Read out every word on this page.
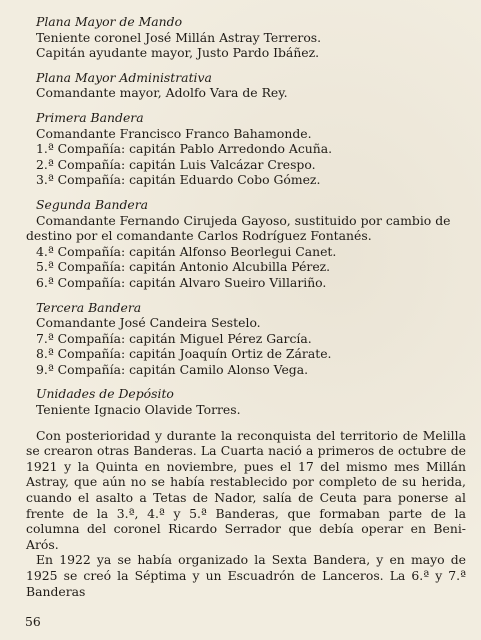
Plana Mayor de Mando
Teniente coronel José Millán Astray Terreros.
Capitán ayudante mayor, Justo Pardo Ibáñez.
Plana Mayor Administrativa
Comandante mayor, Adolfo Vara de Rey.
Primera Bandera
Comandante Francisco Franco Bahamonde.
1.ª Compañía: capitán Pablo Arredondo Acuña.
2.ª Compañía: capitán Luis Valcázar Crespo.
3.ª Compañía: capitán Eduardo Cobo Gómez.
Segunda Bandera
Comandante Fernando Cirujeda Gayoso, sustituido por cambio de
destino por el comandante Carlos Rodríguez Fontanés.
4.ª Compañía: capitán Alfonso Beorlegui Canet.
5.ª Compañía: capitán Antonio Alcubilla Pérez.
6.ª Compañía: capitán Alvaro Sueiro Villariño.
Tercera Bandera
Comandante José Candeira Sestelo.
7.ª Compañía: capitán Miguel Pérez García.
8.ª Compañía: capitán Joaquín Ortiz de Zárate.
9.ª Compañía: capitán Camilo Alonso Vega.
Unidades de Depósito
Teniente Ignacio Olavide Torres.

Con posterioridad y durante la reconquista del territorio de Melilla se crearon otras Banderas. La Cuarta nació a primeros de octubre de 1921 y la Quinta en noviembre, pues el 17 del mismo mes Millán Astray, que aún no se había restablecido por completo de su herida, cuando el asalto a Tetas de Nador, salía de Ceuta para ponerse al frente de la 3.ª, 4.ª y 5.ª Banderas, que formaban parte de la columna del coronel Ricardo Serrador que debía operar en Beni-Arós.

En 1922 ya se había organizado la Sexta Bandera, y en mayo de 1925 se creó la Séptima y un Escuadrón de Lanceros. La 6.ª y 7.ª Banderas

56
